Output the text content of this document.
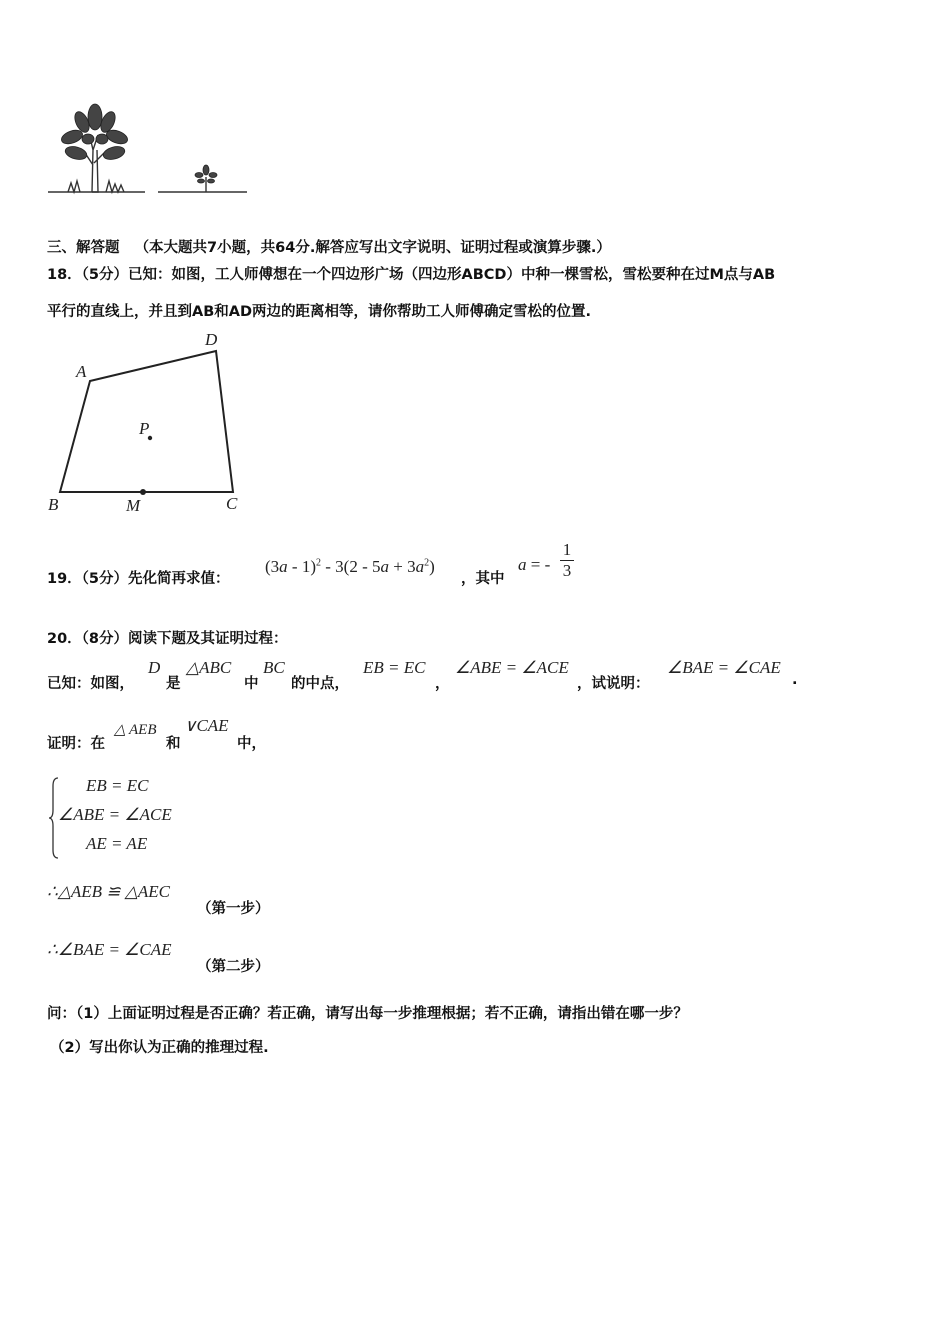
三、解答题 （本大题共7小题，共64分.解答应写出文字说明、证明过程或演算步骤.）
18．（5分）已知：如图，工人师傅想在一个四边形广场（四边形ABCD）中种一棵雪松，雪松要种在过M点与AB
平行的直线上，并且到AB和AD两边的距离相等，请你帮助工人师傅确定雪松的位置.
A
D
B	C
M
P
19．（5分）先化简再求值：
$(3a - 1)^2 - 3(2 - 5a + 3a^2)$
，其中
a = -
1
3
20．（8分）阅读下题及其证明过程：
已知：如图，
D
是
△ABC
中
BC
的中点，
EB = EC
，
∠ABE = ∠ACE
，试说明：
∠BAE = ∠CAE
.
证明：在
△ AEB
和
∨CAE
中，
EB = EC
∠ABE = ∠ACE
AE = AE
∴△AEB ≌ △AEC
（第一步）
∴∠BAE = ∠CAE
（第二步）
问：（1）上面证明过程是否正确？若正确，请写出每一步推理根据；若不正确，请指出错在哪一步？
（2）写出你认为正确的推理过程.
